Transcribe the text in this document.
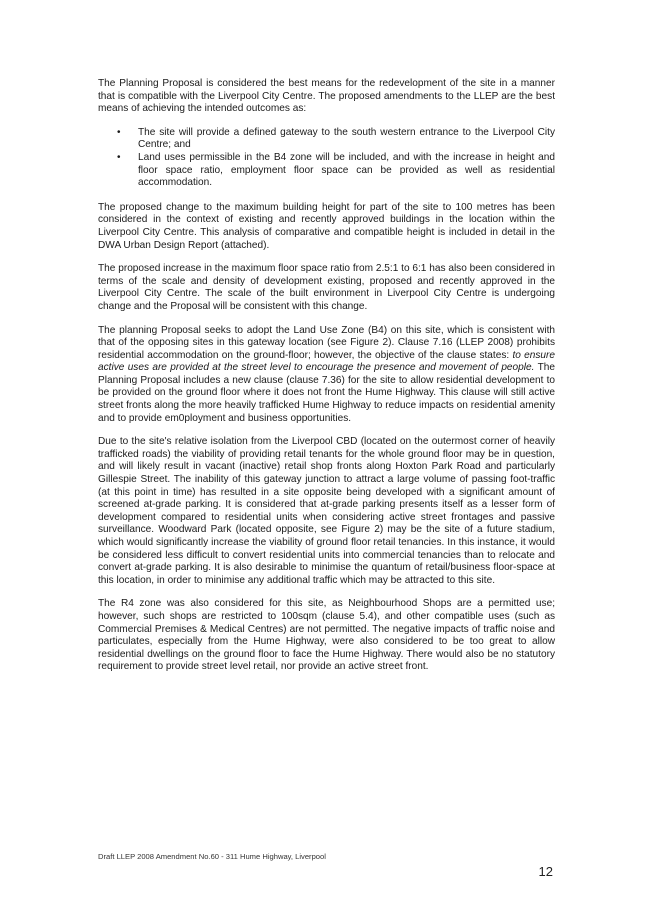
The Planning Proposal is considered the best means for the redevelopment of the site in a manner that is compatible with the Liverpool City Centre. The proposed amendments to the LLEP are the best means of achieving the intended outcomes as:

• The site will provide a defined gateway to the south western entrance to the Liverpool City Centre; and
• Land uses permissible in the B4 zone will be included, and with the increase in height and floor space ratio, employment floor space can be provided as well as residential accommodation.

The proposed change to the maximum building height for part of the site to 100 metres has been considered in the context of existing and recently approved buildings in the location within the Liverpool City Centre. This analysis of comparative and compatible height is included in detail in the DWA Urban Design Report (attached).

The proposed increase in the maximum floor space ratio from 2.5:1 to 6:1 has also been considered in terms of the scale and density of development existing, proposed and recently approved in the Liverpool City Centre. The scale of the built environment in Liverpool City Centre is undergoing change and the Proposal will be consistent with this change.

The planning Proposal seeks to adopt the Land Use Zone (B4) on this site, which is consistent with that of the opposing sites in this gateway location (see Figure 2). Clause 7.16 (LLEP 2008) prohibits residential accommodation on the ground-floor; however, the objective of the clause states: to ensure active uses are provided at the street level to encourage the presence and movement of people. The Planning Proposal includes a new clause (clause 7.36) for the site to allow residential development to be provided on the ground floor where it does not front the Hume Highway. This clause will still active street fronts along the more heavily trafficked Hume Highway to reduce impacts on residential amenity and to provide em0ployment and business opportunities.

Due to the site's relative isolation from the Liverpool CBD (located on the outermost corner of heavily trafficked roads) the viability of providing retail tenants for the whole ground floor may be in question, and will likely result in vacant (inactive) retail shop fronts along Hoxton Park Road and particularly Gillespie Street. The inability of this gateway junction to attract a large volume of passing foot-traffic (at this point in time) has resulted in a site opposite being developed with a significant amount of screened at-grade parking. It is considered that at-grade parking presents itself as a lesser form of development compared to residential units when considering active street frontages and passive surveillance. Woodward Park (located opposite, see Figure 2) may be the site of a future stadium, which would significantly increase the viability of ground floor retail tenancies. In this instance, it would be considered less difficult to convert residential units into commercial tenancies than to relocate and convert at-grade parking. It is also desirable to minimise the quantum of retail/business floor-space at this location, in order to minimise any additional traffic which may be attracted to this site.

The R4 zone was also considered for this site, as Neighbourhood Shops are a permitted use; however, such shops are restricted to 100sqm (clause 5.4), and other compatible uses (such as Commercial Premises & Medical Centres) are not permitted. The negative impacts of traffic noise and particulates, especially from the Hume Highway, were also considered to be too great to allow residential dwellings on the ground floor to face the Hume Highway. There would also be no statutory requirement to provide street level retail, nor provide an active street front.

Draft LLEP 2008 Amendment No.60 - 311 Hume Highway, Liverpool
12
